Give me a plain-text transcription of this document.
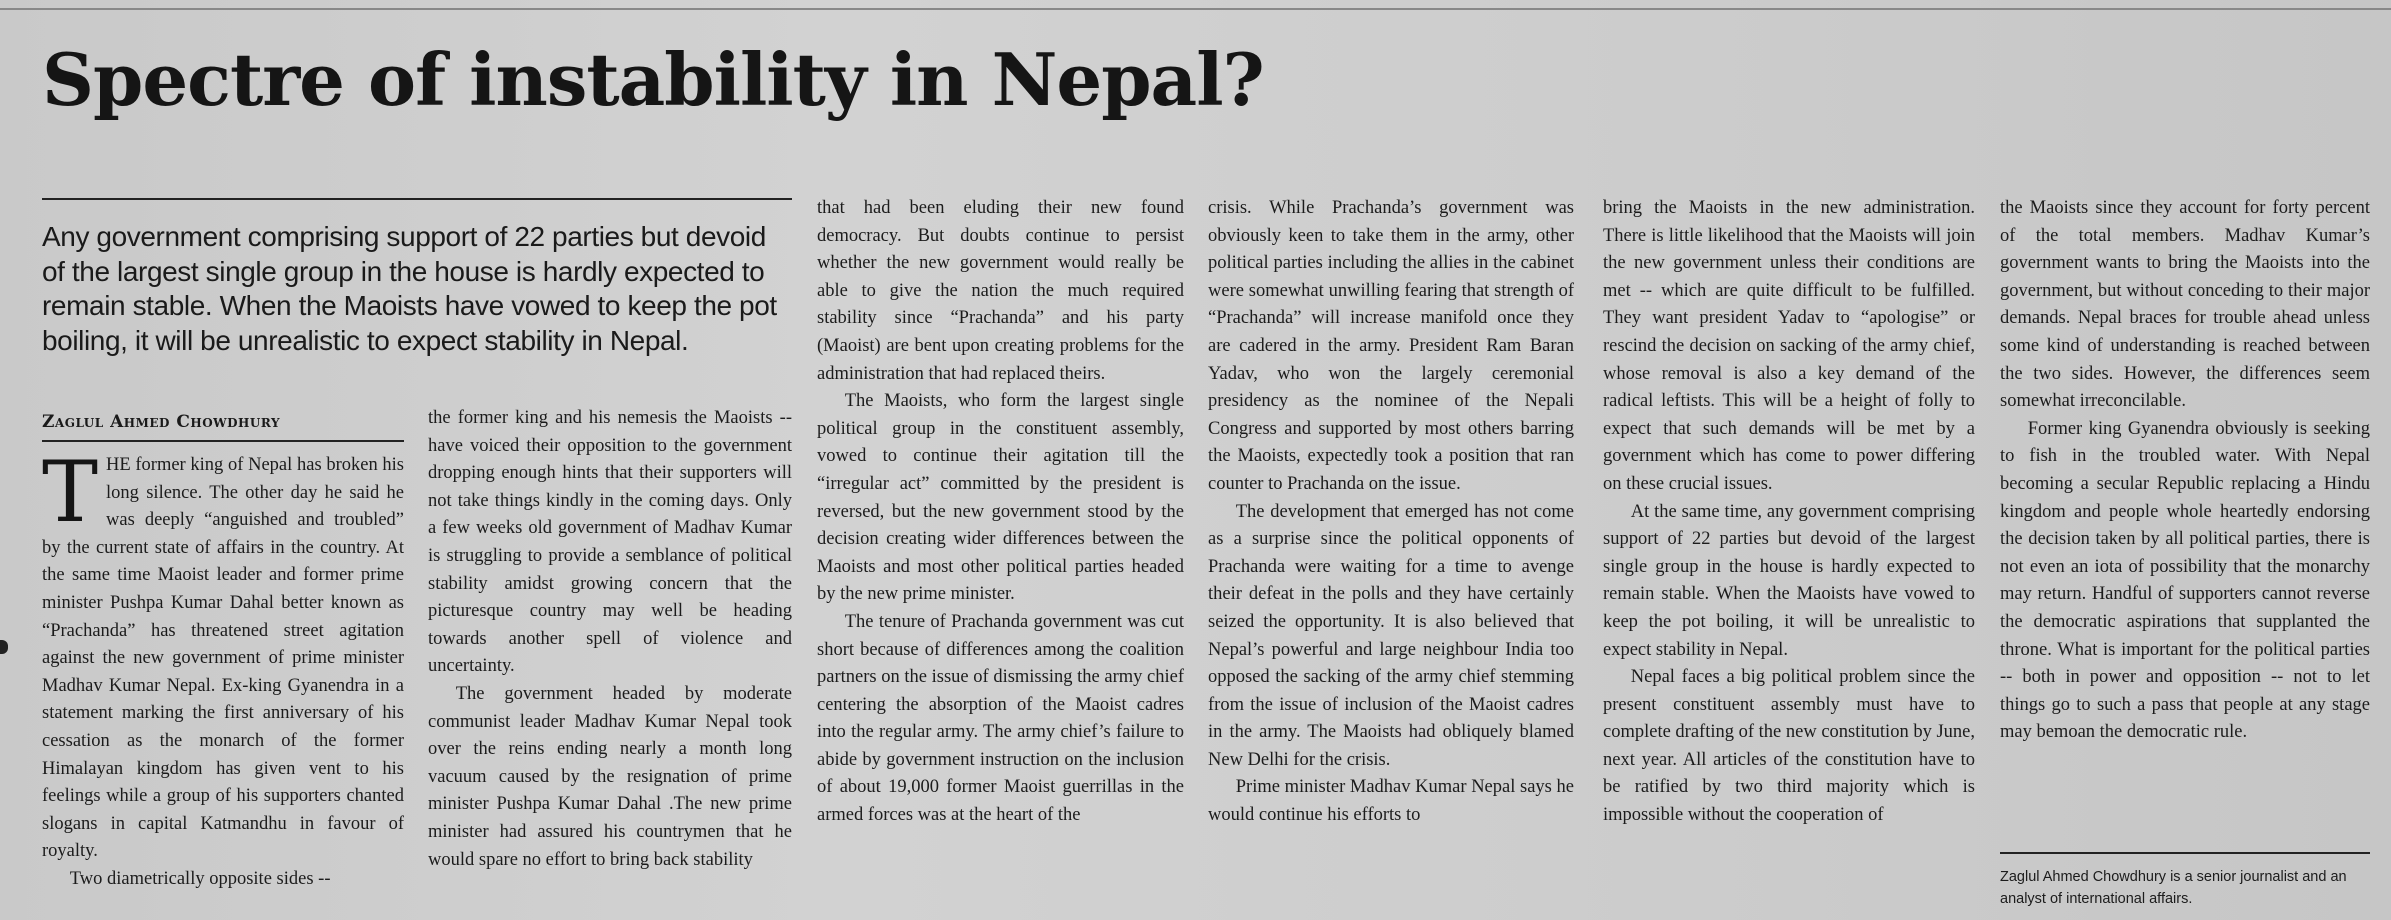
Spectre of instability in Nepal?

Any government comprising support of 22 parties but devoid of the largest single group in the house is hardly expected to remain stable. When the Maoists have vowed to keep the pot boiling, it will be unrealistic to expect stability in Nepal.

Zaglul Ahmed Chowdhury

THE former king of Nepal has broken his long silence. The other day he said he was deeply “anguished and troubled” by the current state of affairs in the country. At the same time Maoist leader and former prime minister Pushpa Kumar Dahal better known as “Prachanda” has threatened street agitation against the new government of prime minister Madhav Kumar Nepal. Ex-king Gyanendra in a statement marking the first anniversary of his cessation as the monarch of the former Himalayan kingdom has given vent to his feelings while a group of his supporters chanted slogans in capital Katmandhu in favour of royalty.

Two diametrically opposite sides --

the former king and his nemesis the Maoists -- have voiced their opposition to the government dropping enough hints that their supporters will not take things kindly in the coming days. Only a few weeks old government of Madhav Kumar is struggling to provide a semblance of political stability amidst growing concern that the picturesque country may well be heading towards another spell of violence and uncertainty.

The government headed by moderate communist leader Madhav Kumar Nepal took over the reins ending nearly a month long vacuum caused by the resignation of prime minister Pushpa Kumar Dahal .The new prime minister had assured his countrymen that he would spare no effort to bring back stability

that had been eluding their new found democracy. But doubts continue to persist whether the new government would really be able to give the nation the much required stability since “Prachanda” and his party (Maoist) are bent upon creating problems for the administration that had replaced theirs.

The Maoists, who form the largest single political group in the constituent assembly, vowed to continue their agitation till the “irregular act” committed by the president is reversed, but the new government stood by the decision creating wider differences between the Maoists and most other political parties headed by the new prime minister.

The tenure of Prachanda government was cut short because of differences among the coalition partners on the issue of dismissing the army chief centering the absorption of the Maoist cadres into the regular army. The army chief’s failure to abide by government instruction on the inclusion of about 19,000 former Maoist guerrillas in the armed forces was at the heart of the

crisis. While Prachanda’s government was obviously keen to take them in the army, other political parties including the allies in the cabinet were somewhat unwilling fearing that strength of “Prachanda” will increase manifold once they are cadered in the army. President Ram Baran Yadav, who won the largely ceremonial presidency as the nominee of the Nepali Congress and supported by most others barring the Maoists, expectedly took a position that ran counter to Prachanda on the issue.

The development that emerged has not come as a surprise since the political opponents of Prachanda were waiting for a time to avenge their defeat in the polls and they have certainly seized the opportunity. It is also believed that Nepal’s powerful and large neighbour India too opposed the sacking of the army chief stemming from the issue of inclusion of the Maoist cadres in the army. The Maoists had obliquely blamed New Delhi for the crisis.

Prime minister Madhav Kumar Nepal says he would continue his efforts to

bring the Maoists in the new administration. There is little likelihood that the Maoists will join the new government unless their conditions are met -- which are quite difficult to be fulfilled. They want president Yadav to “apologise” or rescind the decision on sacking of the army chief, whose removal is also a key demand of the radical leftists. This will be a height of folly to expect that such demands will be met by a government which has come to power differing on these crucial issues.

At the same time, any government comprising support of 22 parties but devoid of the largest single group in the house is hardly expected to remain stable. When the Maoists have vowed to keep the pot boiling, it will be unrealistic to expect stability in Nepal.

Nepal faces a big political problem since the present constituent assembly must have to complete drafting of the new constitution by June, next year. All articles of the constitution have to be ratified by two third majority which is impossible without the cooperation of

the Maoists since they account for forty percent of the total members. Madhav Kumar’s government wants to bring the Maoists into the government, but without conceding to their major demands. Nepal braces for trouble ahead unless some kind of understanding is reached between the two sides. However, the differences seem somewhat irreconcilable.

Former king Gyanendra obviously is seeking to fish in the troubled water. With Nepal becoming a secular Republic replacing a Hindu kingdom and people whole heartedly endorsing the decision taken by all political parties, there is not even an iota of possibility that the monarchy may return. Handful of supporters cannot reverse the democratic aspirations that supplanted the throne. What is important for the political parties -- both in power and opposition -- not to let things go to such a pass that people at any stage may bemoan the democratic rule.

Zaglul Ahmed Chowdhury is a senior journalist and an analyst of international affairs.
